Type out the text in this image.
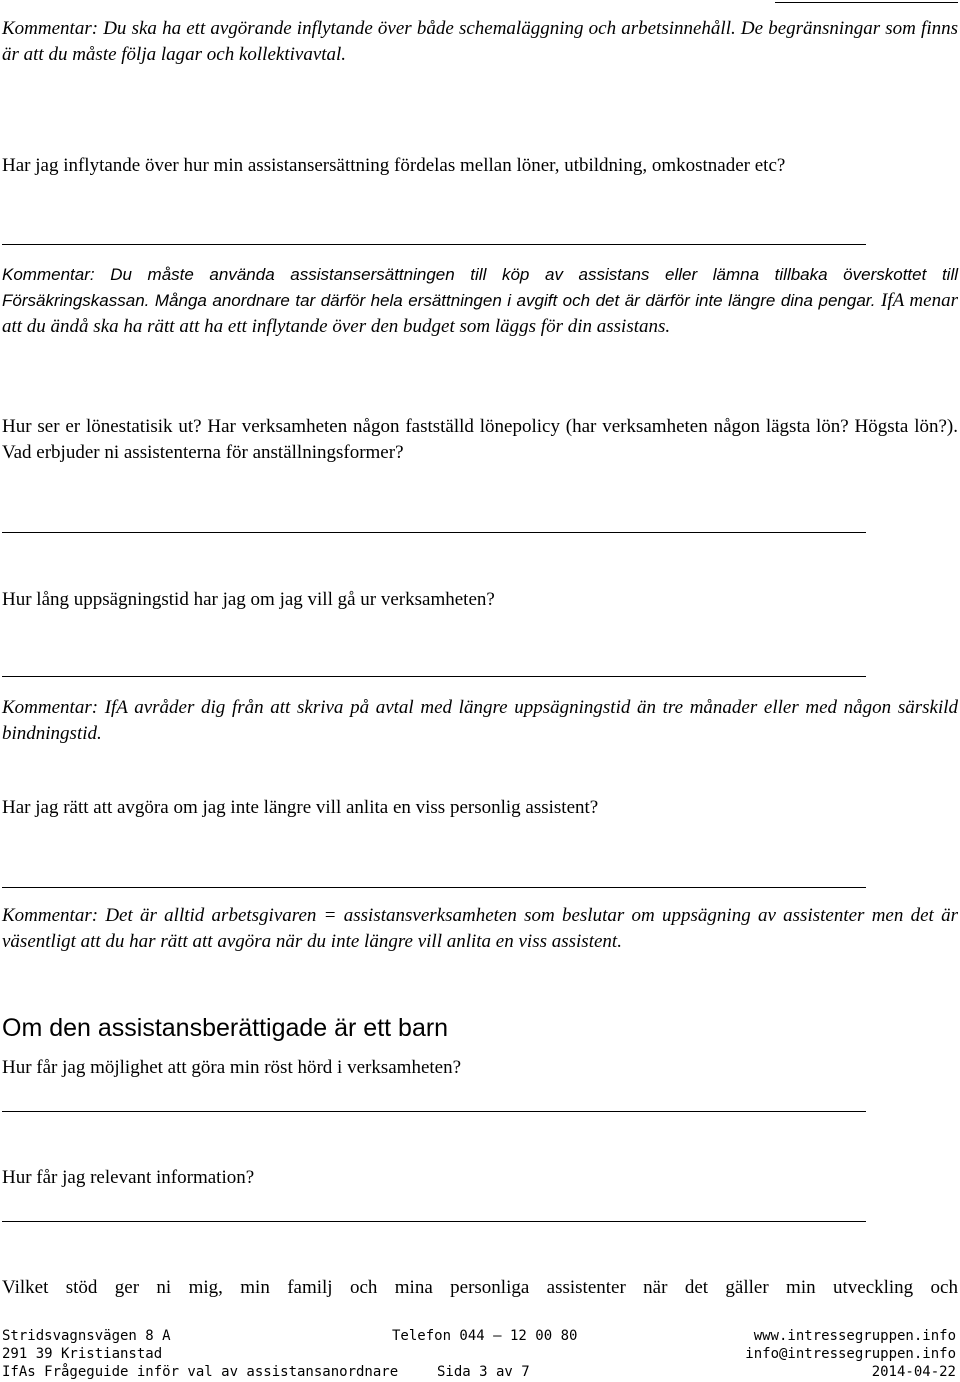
Kommentar: Du ska ha ett avgörande inflytande över både schemaläggning och arbetsinnehåll. De begränsningar som finns är att du måste följa lagar och kollektivavtal.

Har jag inflytande över hur min assistansersättning fördelas mellan löner, utbildning, omkostnader etc?

Kommentar: Du måste använda assistansersättningen till köp av assistans eller lämna tillbaka överskottet till Försäkringskassan. Många anordnare tar därför hela ersättningen i avgift och det är därför inte längre dina pengar. IfA menar att du ändå ska ha rätt att ha ett inflytande över den budget som läggs för din assistans.

Hur ser er lönestatisik ut? Har verksamheten någon fastställd lönepolicy (har verksamheten någon lägsta lön? Högsta lön?). Vad erbjuder ni assistenterna för anställningsformer?

Hur lång uppsägningstid har jag om jag vill gå ur verksamheten?

Kommentar: IfA avråder dig från att skriva på avtal med längre uppsägningstid än tre månader eller med någon särskild bindningstid.

Har jag rätt att avgöra om jag inte längre vill anlita en viss personlig assistent?

Kommentar: Det är alltid arbetsgivaren = assistansverksamheten som beslutar om uppsägning av assistenter men det är väsentligt att du har rätt att avgöra när du inte längre vill anlita en viss assistent.

Om den assistansberättigade är ett barn

Hur får jag möjlighet att göra min röst hörd i verksamheten?

Hur får jag relevant information?

Vilket stöd ger ni mig, min familj och mina personliga assistenter när det gäller min utveckling och

Stridsvagnsvägen 8 A	Telefon 044 – 12 00 80	www.intressegruppen.info
291 39 Kristianstad	info@intressegruppen.info
IfAs Frågeguide inför val av assistansanordnare	Sida 3 av 7	2014-04-22
